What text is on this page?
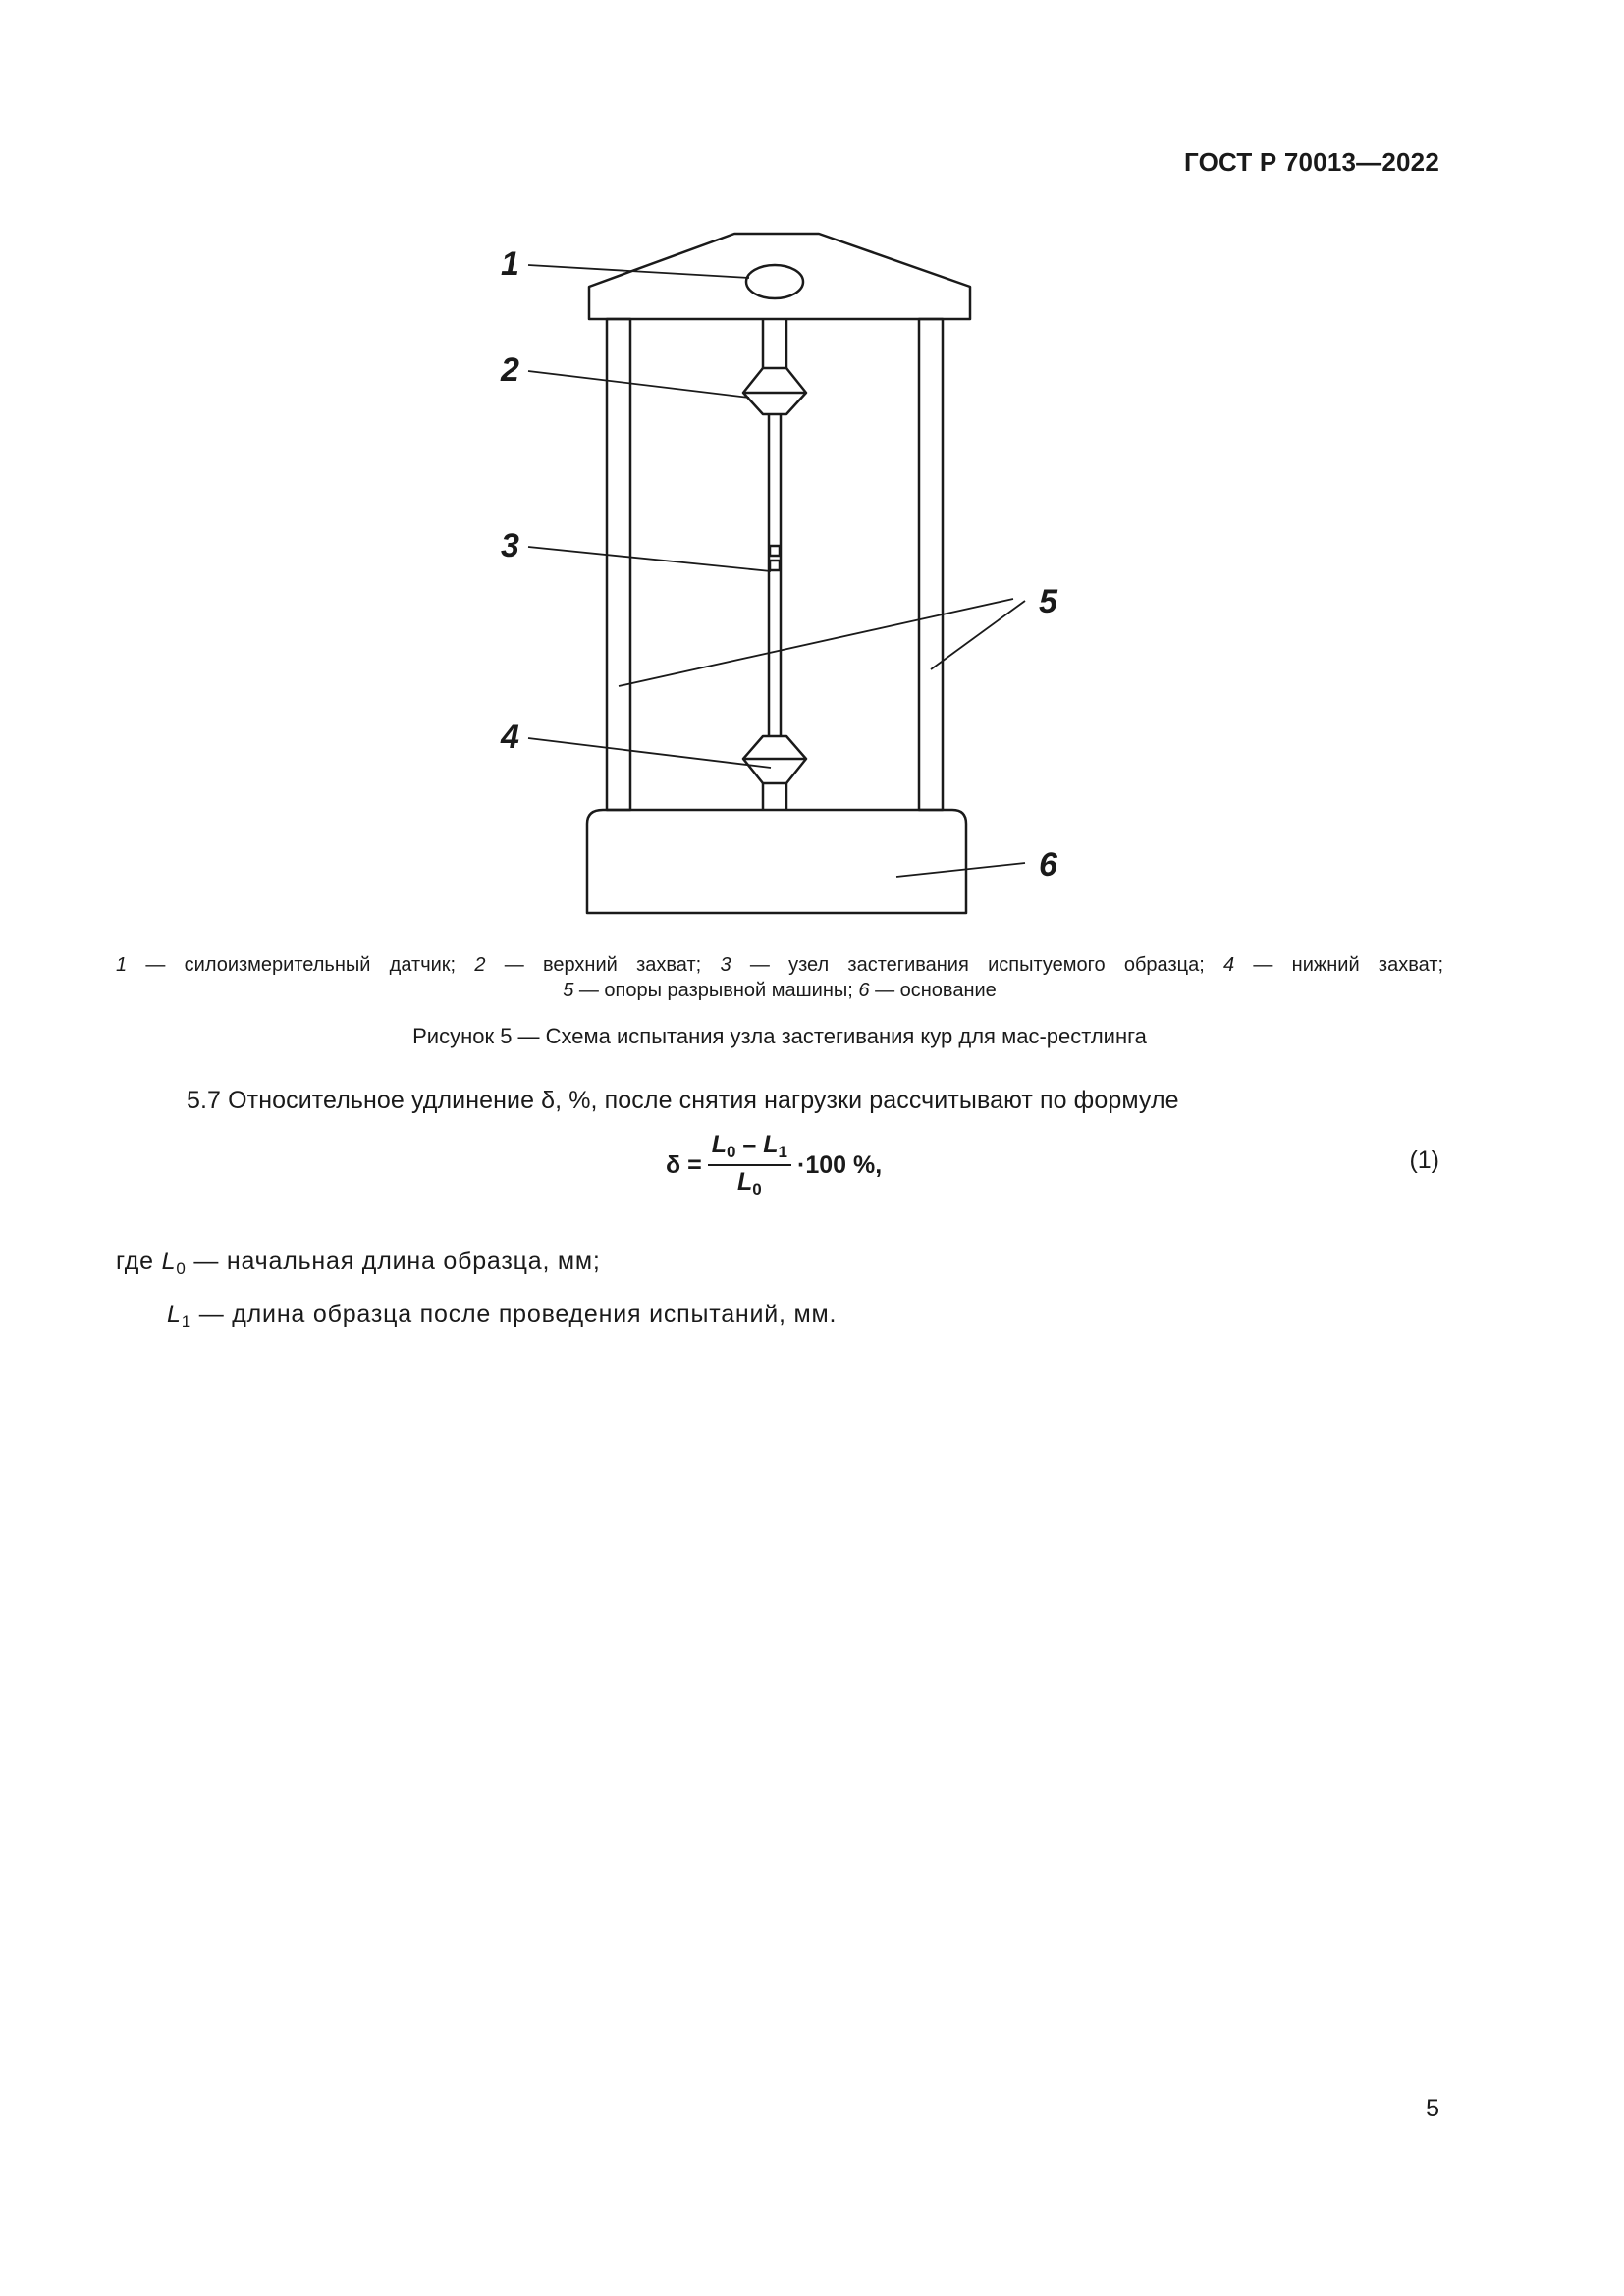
ГОСТ Р 70013—2022
1
2
3
4
5
6
1 — силоизмерительный датчик; 2 — верхний захват; 3 — узел застегивания испытуемого образца; 4 — нижний захват;
5 — опоры разрывной машины; 6 — основание
Рисунок 5 — Схема испытания узла застегивания кур для мас-рестлинга
5.7 Относительное удлинение δ, %, после снятия нагрузки рассчитывают по формуле
$\delta = \frac{L_0 - L_1}{L_0} \cdot 100$ %,	(1)
где $L_0$ — начальная длина образца, мм;
$L_1$ — длина образца после проведения испытаний, мм.
5
